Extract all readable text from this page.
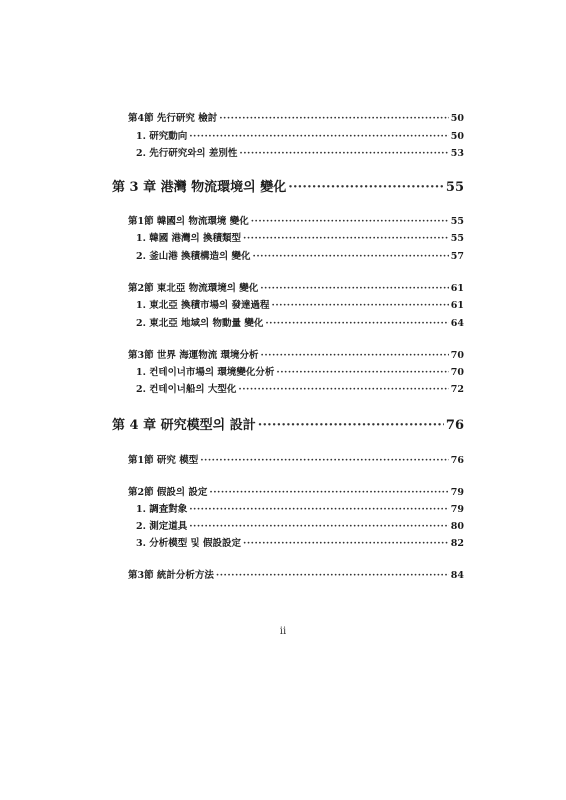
第4節 先行研究 檢討 ·····	50
1. 研究動向 ·····	50
2. 先行研究와의 差別性 ·····	53
第 3 章 港灣 物流環境의 變化 ·····	55
第1節 韓國의 物流環境 變化 ·····	55
1. 韓國 港灣의 換積類型 ·····	55
2. 釜山港 換積構造의 變化 ·····	57
第2節 東北亞 物流環境의 變化 ·····	61
1. 東北亞 換積市場의 發達過程 ·····	61
2. 東北亞 地域의 物動量 變化 ·····	64
第3節 世界 海運物流 環境分析 ·····	70
1. 컨테이너市場의 環境變化分析 ·····	70
2. 컨테이너船의 大型化 ·····	72
第 4 章 研究模型의 設計 ·····	76
第1節 研究 模型 ·····	76
第2節 假設의 設定 ·····	79
1. 調査對象 ·····	79
2. 測定道具 ·····	80
3. 分析模型 및 假設設定 ·····	82
第3節 統計分析方法 ·····	84
ii
